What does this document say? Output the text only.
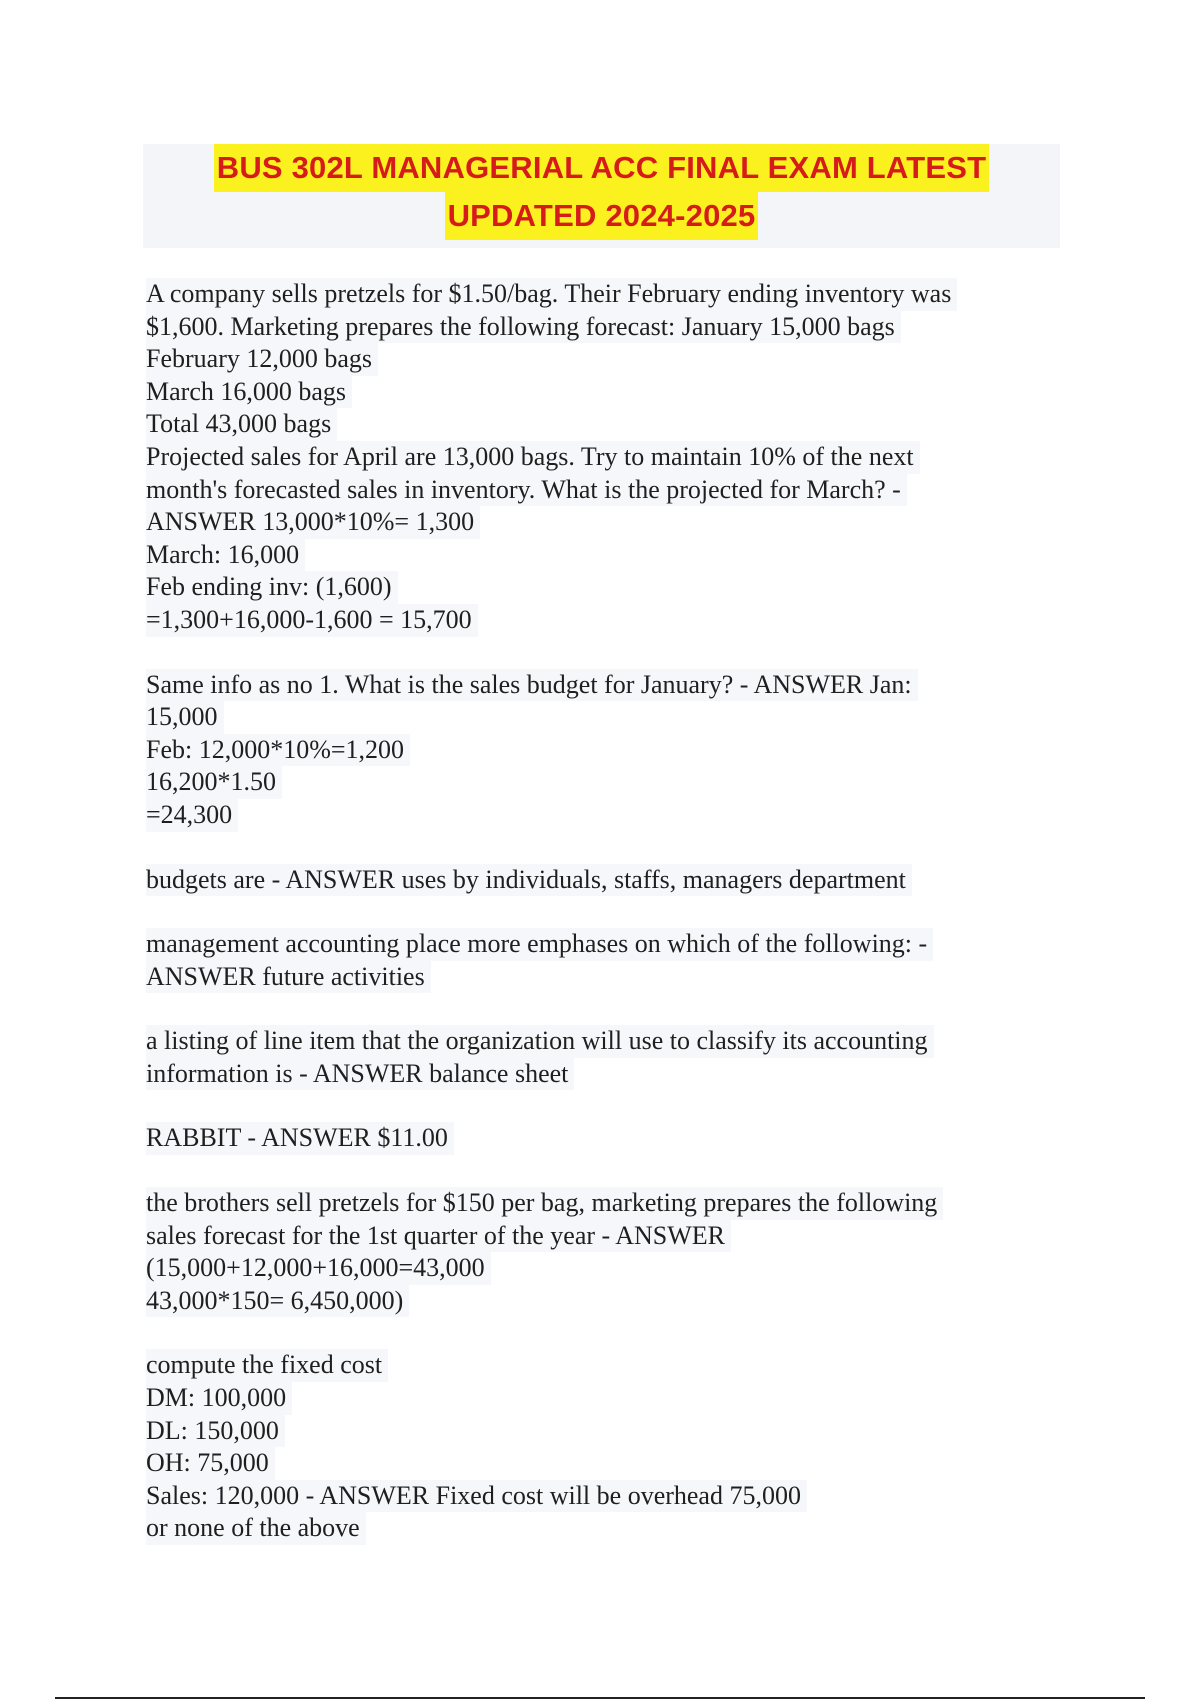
BUS 302L MANAGERIAL ACC FINAL EXAM LATEST
UPDATED 2024-2025

A company sells pretzels for $1.50/bag. Their February ending inventory was

$1,600. Marketing prepares the following forecast: January 15,000 bags

February 12,000 bags

March 16,000 bags

Total 43,000 bags

Projected sales for April are 13,000 bags. Try to maintain 10% of the next

month's forecasted sales in inventory. What is the projected for March? -

ANSWER 13,000*10%= 1,300

March: 16,000

Feb ending inv: (1,600)

=1,300+16,000-1,600 = 15,700

Same info as no 1. What is the sales budget for January? - ANSWER Jan:

15,000

Feb: 12,000*10%=1,200

16,200*1.50

=24,300

budgets are - ANSWER uses by individuals, staffs, managers department

management accounting place more emphases on which of the following: -

ANSWER future activities

a listing of line item that the organization will use to classify its accounting

information is - ANSWER balance sheet

RABBIT - ANSWER $11.00

the brothers sell pretzels for $150 per bag, marketing prepares the following

sales forecast for the 1st quarter of the year - ANSWER

(15,000+12,000+16,000=43,000

43,000*150= 6,450,000)

compute the fixed cost

DM: 100,000

DL: 150,000

OH: 75,000

Sales: 120,000 - ANSWER Fixed cost will be overhead 75,000

or none of the above
